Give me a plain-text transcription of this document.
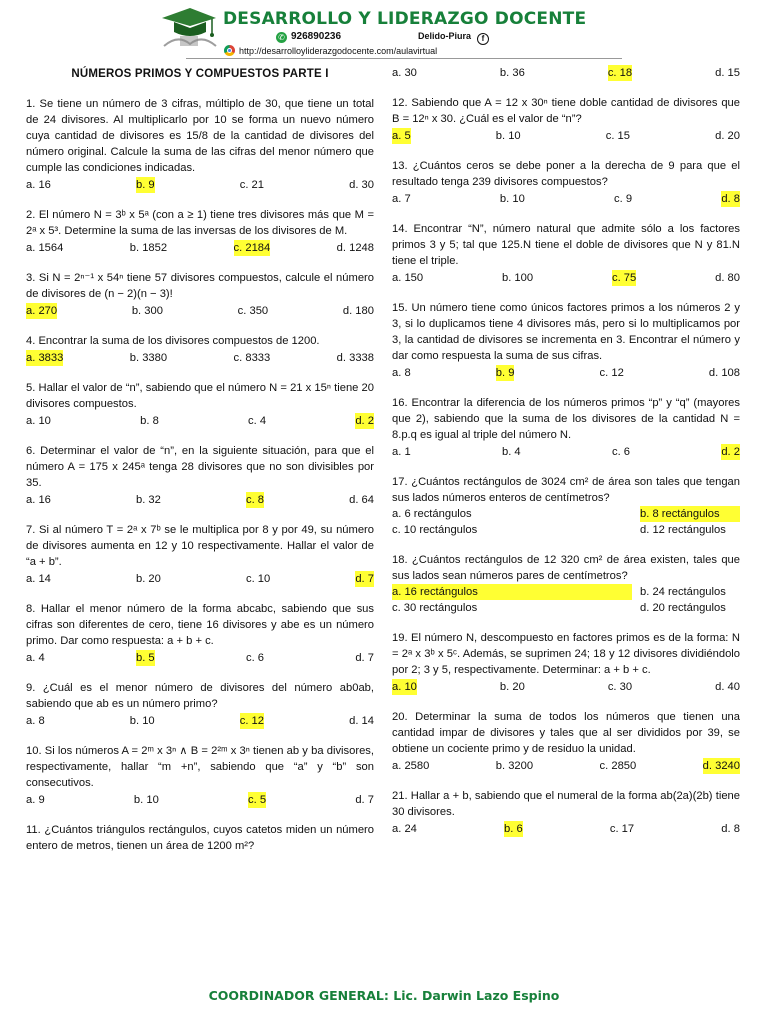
DESARROLLO Y LIDERAZGO DOCENTE
✆ 926890236	Delido-Piura f
http://desarrolloyliderazgodocente.com/aulavirtual
NÚMEROS PRIMOS Y COMPUESTOS PARTE I
1. Se tiene un número de 3 cifras, múltiplo de 30, que tiene un total de 24 divisores. Al multiplicarlo por 10 se forma un nuevo número cuya cantidad de divisores es 15/8 de la cantidad de divisores del número original. Calcule la suma de las cifras del menor número que cumple las condiciones indicadas.
a. 16	b. 9	c. 21	d. 30
2. El número N = 3ᵇ x 5ᵃ (con a ≥ 1) tiene tres divisores más que M = 2ᵃ x 5³. Determine la suma de las inversas de los divisores de M.
a. 1564	b. 1852	c. 2184	d. 1248
3. Si N = 2ⁿ⁻¹ x 54ⁿ tiene 57 divisores compuestos, calcule el número de divisores de (n − 2)(n − 3)!
a. 270	b. 300	c. 350	d. 180
4. Encontrar la suma de los divisores compuestos de 1200.
a. 3833	b. 3380	c. 8333	d. 3338
5. Hallar el valor de “n”, sabiendo que el número N = 21 x 15ⁿ tiene 20 divisores compuestos.
a. 10	b. 8	c. 4	d. 2
6. Determinar el valor de “n”, en la siguiente situación, para que el número A = 175 x 245ᵃ tenga 28 divisores que no son divisibles por 35.
a. 16	b. 32	c. 8	d. 64
7. Si al número T = 2ᵃ x 7ᵇ se le multiplica por 8 y por 49, su número de divisores aumenta en 12 y 10 respectivamente. Hallar el valor de “a + b”.
a. 14	b. 20	c. 10	d. 7
8. Hallar el menor número de la forma abcabc, sabiendo que sus cifras son diferentes de cero, tiene 16 divisores y abe es un número primo. Dar como respuesta: a + b + c.
a. 4	b. 5	c. 6	d. 7
9. ¿Cuál es el menor número de divisores del número ab0ab, sabiendo que ab es un número primo?
a. 8	b. 10	c. 12	d. 14
10. Si los números A = 2ᵐ x 3ⁿ ∧ B = 2²ᵐ x 3ⁿ tienen ab y ba divisores, respectivamente, hallar “m +n”, sabiendo que “a” y “b” son consecutivos.
a. 9	b. 10	c. 5	d. 7
11. ¿Cuántos triángulos rectángulos, cuyos catetos miden un número entero de metros, tienen un área de 1200 m²?
a. 30	b. 36	c. 18	d. 15
12. Sabiendo que A = 12 x 30ⁿ tiene doble cantidad de divisores que B = 12ⁿ x 30. ¿Cuál es el valor de “n”?
a. 5	b. 10	c. 15	d. 20
13. ¿Cuántos ceros se debe poner a la derecha de 9 para que el resultado tenga 239 divisores compuestos?
a. 7	b. 10	c. 9	d. 8
14. Encontrar “N”, número natural que admite sólo a los factores primos 3 y 5; tal que 125.N tiene el doble de divisores que N y 81.N tiene el triple.
a. 150	b. 100	c. 75	d. 80
15. Un número tiene como únicos factores primos a los números 2 y 3, si lo duplicamos tiene 4 divisores más, pero si lo multiplicamos por 3, la cantidad de divisores se incrementa en 3. Encontrar el número y dar como respuesta la suma de sus cifras.
a. 8	b. 9	c. 12	d. 108
16. Encontrar la diferencia de los números primos “p” y “q” (mayores que 2), sabiendo que la suma de los divisores de la cantidad N = 8.p.q es igual al triple del número N.
a. 1	b. 4	c. 6	d. 2
17. ¿Cuántos rectángulos de 3024 cm² de área son tales que tengan sus lados números enteros de centímetros?
a. 6 rectángulos	b. 8 rectángulos
c. 10 rectángulos	d. 12 rectángulos
18. ¿Cuántos rectángulos de 12 320 cm² de área existen, tales que sus lados sean números pares de centímetros?
a. 16 rectángulos	b. 24 rectángulos
c. 30 rectángulos	d. 20 rectángulos
19. El número N, descompuesto en factores primos es de la forma: N = 2ᵃ x 3ᵇ x 5ᶜ. Además, se suprimen 24; 18 y 12 divisores dividiéndolo por 2; 3 y 5, respectivamente. Determinar: a + b + c.
a. 10	b. 20	c. 30	d. 40
20. Determinar la suma de todos los números que tienen una cantidad impar de divisores y tales que al ser divididos por 39, se obtiene un cociente primo y de residuo la unidad.
a. 2580	b. 3200	c. 2850	d. 3240
21. Hallar a + b, sabiendo que el numeral de la forma ab(2a)(2b) tiene 30 divisores.
a. 24	b. 6	c. 17	d. 8
COORDINADOR GENERAL: Lic. Darwin Lazo Espino
